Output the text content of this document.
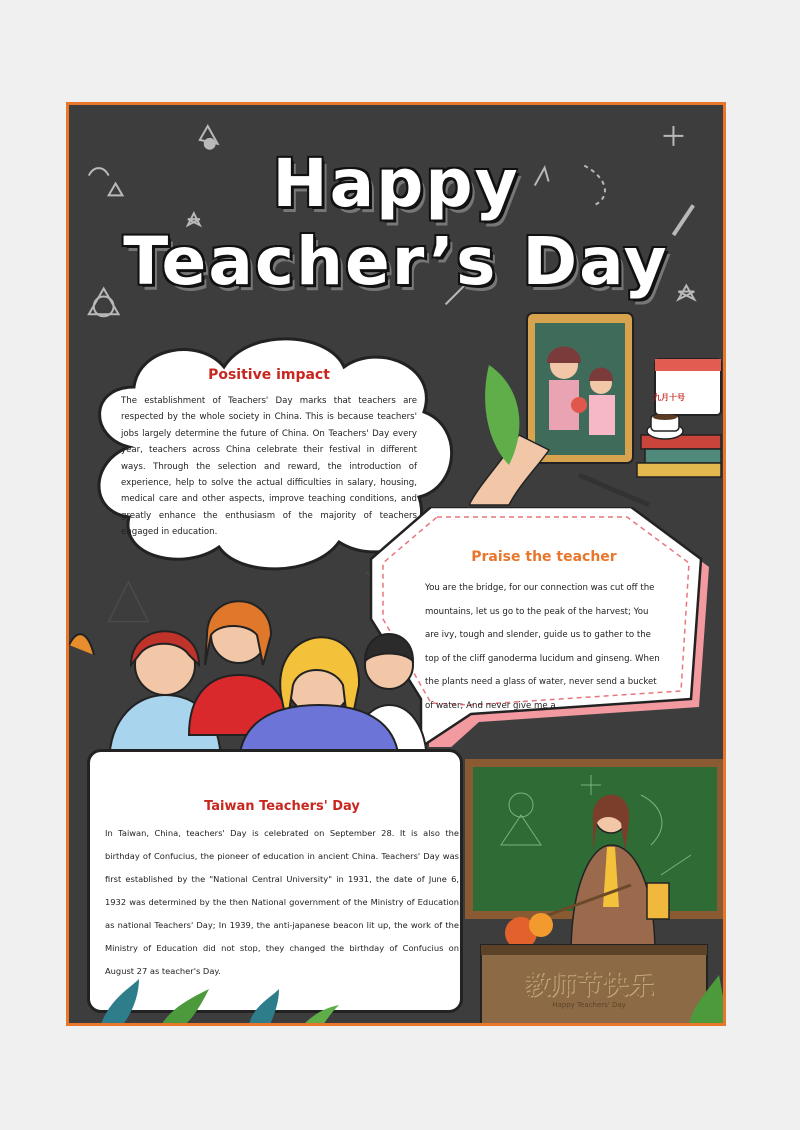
Happy
Teacher’s Day
Positive impact
The establishment of Teachers' Day marks that teachers are respected by the whole society in China. This is because teachers' jobs largely determine the future of China. On Teachers' Day every year, teachers across China celebrate their festival in different ways. Through the selection and reward, the introduction of experience, help to solve the actual difficulties in salary, housing, medical care and other aspects, improve teaching conditions, and greatly enhance the enthusiasm of the majority of teachers engaged in education.
九月十号
Praise the teacher
You are the bridge, for our connection was cut off the mountains, let us go to the peak of the harvest; You are ivy, tough and slender, guide us to gather to the top of the cliff ganoderma lucidum and ginseng. When the plants need a glass of water, never send a bucket of water; And never give me a
Taiwan Teachers' Day
In Taiwan, China, teachers' Day is celebrated on September 28. It is also the birthday of Confucius, the pioneer of education in ancient China. Teachers' Day was first established by the "National Central University" in 1931, the date of June 6, 1932 was determined by the then National government of the Ministry of Education as national Teachers' Day; In 1939, the anti-japanese beacon lit up, the work of the Ministry of Education did not stop, they changed the birthday of Confucius on August 27 as teacher's Day.	教师节快乐
Happy Teachers' Day
